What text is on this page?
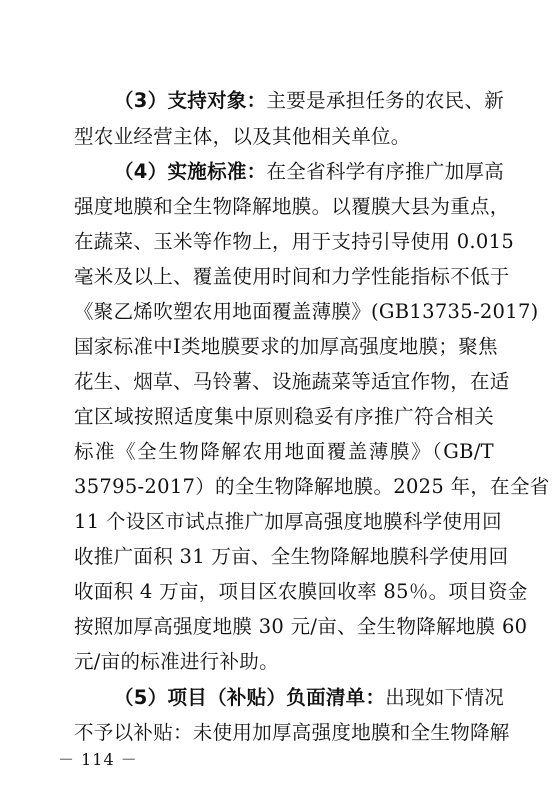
（3）支持对象：主要是承担任务的农民、新
型农业经营主体，以及其他相关单位。
（4）实施标准：在全省科学有序推广加厚高
强度地膜和全生物降解地膜。以覆膜大县为重点，
在蔬菜、玉米等作物上，用于支持引导使用 0.015
毫米及以上、覆盖使用时间和力学性能指标不低于
《聚乙烯吹塑农用地面覆盖薄膜》(GB13735-2017)
国家标准中Ⅰ类地膜要求的加厚高强度地膜；聚焦
花生、烟草、马铃薯、设施蔬菜等适宜作物，在适
宜区域按照适度集中原则稳妥有序推广符合相关
标准《全生物降解农用地面覆盖薄膜》（GB/T
35795-2017）的全生物降解地膜。2025 年，在全省
11 个设区市试点推广加厚高强度地膜科学使用回
收推广面积 31 万亩、全生物降解地膜科学使用回
收面积 4 万亩，项目区农膜回收率 85％。项目资金
按照加厚高强度地膜 30 元/亩、全生物降解地膜 60
元/亩的标准进行补助。
（5）项目（补贴）负面清单：出现如下情况
不予以补贴：未使用加厚高强度地膜和全生物降解
－ 114 －
